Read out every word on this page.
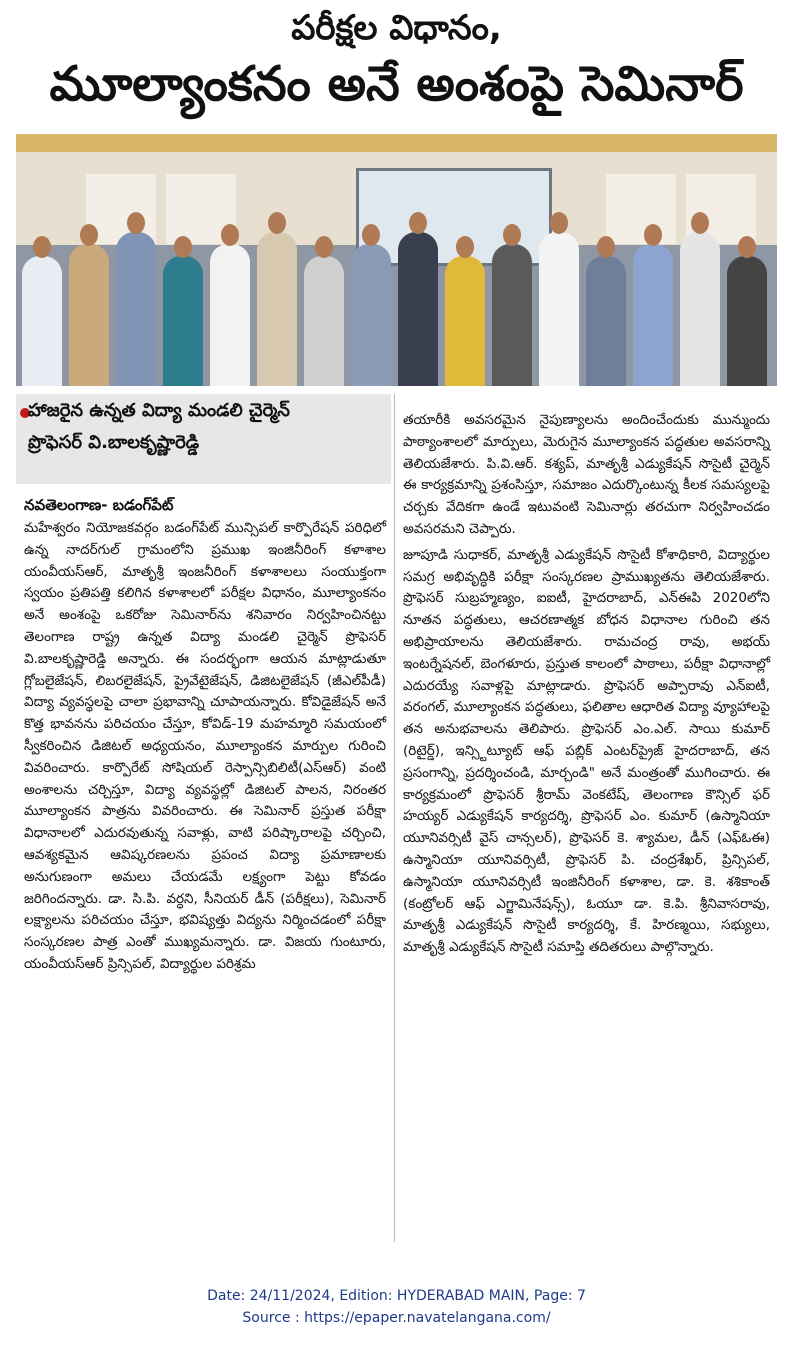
పరీక్షల విధానం,
మూల్యాంకనం అనే అంశంపై సెమినార్
హాజరైన ఉన్నత విద్యా మండలి చైర్మెన్
ప్రొఫెసర్ వి.బాలకృష్ణారెడ్డి
నవతెలంగాణ- బడంగ్‌పేట్
మహేశ్వరం నియోజకవర్గం బడంగ్‌పేట్ మున్సిపల్ కార్పొరేషన్ పరిధిలో ఉన్న నాదర్‌గుల్ గ్రామంలోని ప్రముఖ ఇంజినీరింగ్ కళాశాల యంవీయస్‌ఆర్, మాతృశ్రీ ఇంజనీరింగ్ కళాశాలలు సంయుక్తంగా స్వయం ప్రతిపత్తి కలిగిన కళాశాలలో పరీక్షల విధానం, మూల్యాంకనం అనే అంశంపై ఒకరోజు సెమినార్‌ను శనివారం నిర్వహించినట్టు తెలంగాణ రాష్ట్ర ఉన్నత విద్యా మండలి చైర్మెన్ ప్రొఫెసర్ వి.బాలకృష్ణారెడ్డి అన్నారు. ఈ సందర్భంగా ఆయన మాట్లాడుతూ గ్లోబలైజేషన్, లిబరలైజేషన్, ప్రైవేటైజేషన్, డిజిటలైజేషన్ (జీఎల్‌పీడీ) విద్యా వ్యవస్థలపై చాలా ప్రభావాన్ని చూపాయన్నారు. కోవిడైజేషన్ అనే కొత్త భావనను పరిచయం చేస్తూ, కోవిడ్-19 మహమ్మారి సమయంలో స్వీకరించిన డిజిటల్ అధ్యయనం, మూల్యాంకన మార్పుల గురించి వివరించారు. కార్పొరేట్ సోషియల్ రెస్పాన్సిబిలిటీ(ఎస్ఆర్) వంటి అంశాలను చర్చిస్తూ, విద్యా వ్యవస్థల్లో డిజిటల్ పాలన, నిరంతర మూల్యాంకన పాత్రను వివరించారు. ఈ సెమినార్ ప్రస్తుత పరీక్షా విధానాలలో ఎదురవుతున్న సవాళ్లు, వాటి పరిష్కారాలపై చర్చించి, ఆవశ్యకమైన ఆవిష్కరణలను ప్రపంచ విద్యా ప్రమాణాలకు అనుగుణంగా అమలు చేయడమే లక్ష్యంగా పెట్టు కోవడం జరిగిందన్నారు. డా. సి.పి. వర్ధని, సీనియర్ డీన్ (పరీక్షలు), సెమినార్ లక్ష్యాలను పరిచయం చేస్తూ, భవిష్యత్తు విద్యను నిర్మించడంలో పరీక్షా సంస్కరణల పాత్ర ఎంతో ముఖ్యమన్నారు. డా. విజయ గుంటూరు, యంవీయస్‌ఆర్ ప్రిన్సిపల్, విద్యార్థుల పరిశ్రమ
తయారీకి అవసరమైన నైపుణ్యాలను అందించేందుకు మున్ముందు పాఠ్యాంశాలలో మార్పులు, మెరుగైన మూల్యాంకన పద్ధతుల అవసరాన్ని తెలియజేశారు. పి.వి.ఆర్. కశ్యప్, మాతృశ్రీ ఎడ్యుకేషన్ సొసైటీ చైర్మెన్ ఈ కార్యక్రమాన్ని ప్రశంసిస్తూ, సమాజం ఎదుర్కొంటున్న కీలక సమస్యలపై చర్చకు వేదికగా ఉండే ఇటువంటి సెమినార్లు తరచుగా నిర్వహించడం అవసరమని చెప్పారు.
జూపూడి సుధాకర్, మాతృశ్రీ ఎడ్యుకేషన్ సొసైటీ కోశాధికారి, విద్యార్థుల సమగ్ర అభివృద్ధికి పరీక్షా సంస్కరణల ప్రాముఖ్యతను తెలియజేశారు. ప్రొఫెసర్ సుబ్రహ్మణ్యం, ఐఐటీ, హైదరాబాద్, ఎన్ఈపి 2020లోని నూతన పద్ధతులు, ఆచరణాత్మక బోధన విధానాల గురించి తన అభిప్రాయాలను తెలియజేశారు. రామచంద్ర రావు, అభయ్ ఇంటర్నేషనల్, బెంగళూరు, ప్రస్తుత కాలంలో పాఠాలు, పరీక్షా విధానాల్లో ఎదురయ్యే సవాళ్లపై మాట్లాడారు. ప్రొఫెసర్ అప్పారావు ఎన్ఐటీ, వరంగల్, మూల్యాంకన పద్ధతులు, ఫలితాల ఆధారిత విద్యా వ్యూహాలపై తన అనుభవాలను తెలిపారు. ప్రొఫెసర్ ఎం.ఎల్. సాయి కుమార్ (రిటైర్డ్), ఇన్స్టిట్యూట్ ఆఫ్ పబ్లిక్ ఎంటర్‌ప్రైజ్ హైదరాబాద్, తన ప్రసంగాన్ని, ప్రదర్శించండి, మార్చండి" అనే మంత్రంతో ముగించారు. ఈ కార్యక్రమంలో ప్రొఫెసర్ శ్రీరామ్ వెంకటేష్, తెలంగాణ కౌన్సిల్ ఫర్ హయ్యర్ ఎడ్యుకేషన్ కార్యదర్శి, ప్రొఫెసర్ ఎం. కుమార్ (ఉస్మానియా యూనివర్సిటీ వైస్ చాన్సలర్), ప్రొఫెసర్ కె. శ్యామల, డీన్ (ఎఫ్ఓఈ) ఉస్మానియా యూనివర్సిటీ, ప్రొఫెసర్ పి. చంద్రశేఖర్, ప్రిన్సిపల్, ఉస్మానియా యూనివర్సిటీ ఇంజినీరింగ్ కళాశాల, డా. కె. శశికాంత్ (కంట్రోలర్ ఆఫ్ ఎగ్జామినేషన్స్), ఓయూ డా. కె.పి. శ్రీనివాసరావు, మాతృశ్రీ ఎడ్యుకేషన్ సొసైటీ కార్యదర్శి, కే. హిరణ్మయి, సభ్యులు, మాతృశ్రీ ఎడ్యుకేషన్ సొసైటీ సమాప్తి తదితరులు పాల్గొన్నారు.
Date: 24/11/2024, Edition: HYDERABAD MAIN, Page: 7
Source : https://epaper.navatelangana.com/
